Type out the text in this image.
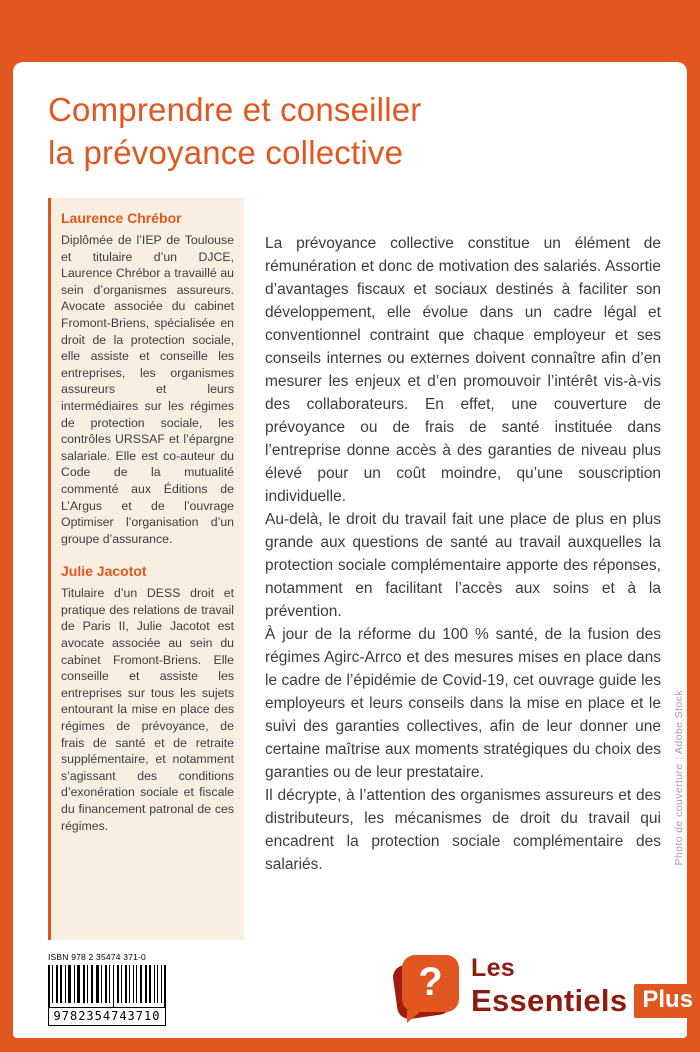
Comprendre et conseiller
la prévoyance collective
Laurence Chrébor

Diplômée de l’IEP de Toulouse et titulaire d’un DJCE, Laurence Chrébor a travaillé au sein d’organismes assureurs. Avocate associée du cabinet Fromont-Briens, spécialisée en droit de la protection sociale, elle assiste et conseille les entreprises, les organismes assureurs et leurs intermédiaires sur les régimes de protection sociale, les contrôles URSSAF et l’épargne salariale. Elle est co-auteur du Code de la mutualité commenté aux Éditions de L’Argus et de l’ouvrage Optimiser l’organisation d’un groupe d’assurance.

Julie Jacotot

Titulaire d’un DESS droit et pratique des relations de travail de Paris II, Julie Jacotot est avocate associée au sein du cabinet Fromont-Briens. Elle conseille et assiste les entreprises sur tous les sujets entourant la mise en place des régimes de prévoyance, de frais de santé et de retraite supplémentaire, et notamment s’agissant des conditions d’exonération sociale et fiscale du financement patronal de ces régimes.

La prévoyance collective constitue un élément de rémunération et donc de motivation des salariés. Assortie d’avantages fiscaux et sociaux destinés à faciliter son développement, elle évolue dans un cadre légal et conventionnel contraint que chaque employeur et ses conseils internes ou externes doivent connaître afin d’en mesurer les enjeux et d’en promouvoir l’intérêt vis-à-vis des collaborateurs. En effet, une couverture de prévoyance ou de frais de santé instituée dans l’entreprise donne accès à des garanties de niveau plus élevé pour un coût moindre, qu’une souscription individuelle.

Au-delà, le droit du travail fait une place de plus en plus grande aux questions de santé au travail auxquelles la protection sociale complémentaire apporte des réponses, notamment en facilitant l’accès aux soins et à la prévention.

À jour de la réforme du 100 % santé, de la fusion des régimes Agirc-Arrco et des mesures mises en place dans le cadre de l’épidémie de Covid-19, cet ouvrage guide les employeurs et leurs conseils dans la mise en place et le suivi des garanties collectives, afin de leur donner une certaine maîtrise aux moments stratégiques du choix des garanties ou de leur prestataire.

Il décrypte, à l’attention des organismes assureurs et des distributeurs, les mécanismes de droit du travail qui encadrent la protection sociale complémentaire des salariés.	Photo de couverture : Adobe Stock
ISBN 978 2 35474 371-0
9782354743710
? Les
Essentiels Plus
